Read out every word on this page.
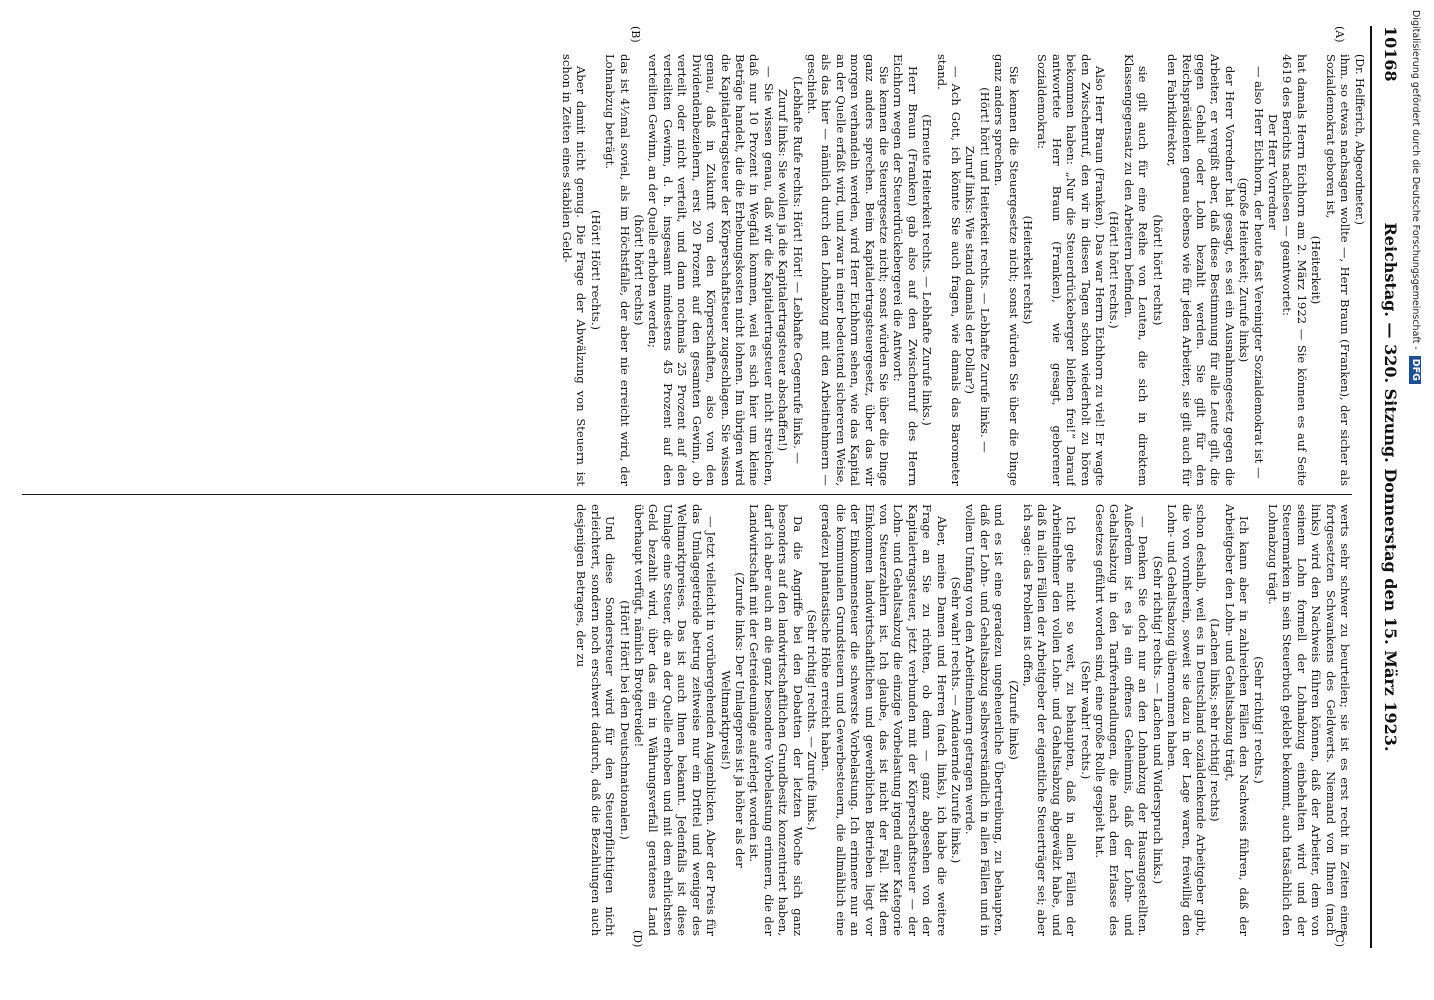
10168
Reichstag. — 320. Sitzung. Donnerstag den 15. März 1923.
(Dr. Helfferich, Abgeordneter.)
(A)
(B)
(C)
(D)

ihm. so etwas nachsagen wollte —, Herr Braun (Franken), der sicher als Sozialdemokrat geboren ist,

(Heiterkeit)

hat damals Herrn Eichhorn am 2. März 1922 — Sie können es auf Seite 4619 des Berichts nachlesen — geantwortet:

Der Herr Vorredner

— also Herr Eichhorn, der heute fast Vereinigter Sozialdemokrat ist —

(große Heiterkeit; Zurufe links)

der Herr Vorredner hat gesagt, es sei ein Ausnahmegesetz gegen die Arbeiter, er vergißt aber, daß diese Bestimmung für alle Leute gilt, die gegen Gehalt oder Lohn bezahlt werden. Sie gilt für den Reichspräsidenten genau ebenso wie für jeden Arbeiter, sie gilt auch für den Fabrikdirektor,

(hört! hört! rechts)

sie gilt auch für eine Reihe von Leuten, die sich in direktem Klassengegensatz zu den Arbeitern befinden.

(Hört! hört! rechts.)

Also Herr Braun (Franken). Das war Herrn Eichhorn zu viel! Er wagte den Zwischenruf, den wir in diesen Tagen schon wiederholt zu hören bekommen haben: „Nur die Steuerdrückeberger bleiben frei!“ Darauf antwortete Herr Braun (Franken), wie gesagt, geborener Sozialdemokrat:

(Heiterkeit rechts)

Sie kennen die Steuergesetze nicht; sonst würden Sie über die Dinge ganz anders sprechen.

(Hört! hört! und Heiterkeit rechts. — Lebhafte Zurufe links. — Zuruf links: Wie stand damals der Dollar?)

— Ach Gott, ich könnte Sie auch fragen, wie damals das Barometer stand.

(Erneute Heiterkeit rechts. — Lebhafte Zurufe links.)

Herr Braun (Franken) gab also auf den Zwischenruf des Herrn Eichhorn wegen der Steuerdrückebergerei die Antwort:

Sie kennen die Steuergesetze nicht; sonst würden Sie über die Dinge ganz anders sprechen. Beim Kapitalertragsteuergesetz, über das wir morgen verhandeln werden, wird Herr Eichhorn sehen, wie das Kapital an der Quelle erfaßt wird, und zwar in einer bedeutend sichereren Weise, als das hier — nämlich durch den Lohnabzug mit den Arbeitnehmern — geschieht.

(Lebhafte Rufe rechts: Hört! Hört! — Lebhafte Gegenrufe links. — Zuruf links: Sie wollen ja die Kapitalertragsteuer abschaffen!)

— Sie wissen genau, daß wir die Kapitalertragsteuer nicht streichen, daß nur 10 Prozent in Wegfall kommen, weil es sich hier um kleine Beträge handelt, die die Erhebungskosten nicht lohnen. Im übrigen wird die Kapitalertragsteuer der Körperschaftsteuer zugeschlagen. Sie wissen genau, daß in Zukunft von den Körperschaften, also von den Dividendenbeziehern, erst 20 Prozent auf den gesamten Gewinn, ob verteilt oder nicht verteilt, und dann nochmals 25 Prozent auf den verteilten Gewinn, d. h. insgesamt mindestens 45 Prozent auf den verteilten Gewinn, an der Quelle erhoben werden;

(hört! hört! rechts)

das ist 4½mal soviel, als im Höchstfalle, der aber nie erreicht wird, der Lohnabzug beträgt.

(Hört! Hört! rechts.)

Aber damit nicht genug. Die Frage der Abwälzung von Steuern ist schon in Zeiten eines stabilen Geld-

werts sehr schwer zu beurteilen; sie ist es erst recht in Zeiten eines fortgesetzten Schwankens des Geldwerts. Niemand von Ihnen (nach links) wird den Nachweis führen können, daß der Arbeiter, dem von seinem Lohn formell der Lohnabzug einbehalten wird und der Steuermarken in sein Steuerbuch geklebt bekommt, auch tatsächlich den Lohnabzug trägt.

(Sehr richtig! rechts.)

Ich kann aber in zahlreichen Fällen den Nachweis führen, daß der Arbeitgeber den Lohn- und Gehaltsabzug trägt,

(Lachen links; sehr richtig! rechts)

schon deshalb, weil es in Deutschland sozialdenkende Arbeitgeber gibt, die von vornherein, soweit sie dazu in der Lage waren, freiwillig den Lohn- und Gehaltsabzug übernommen haben.

(Sehr richtig! rechts. — Lachen und Widerspruch links.)

— Denken Sie doch nur an den Lohnabzug der Hausangestellten. Außerdem ist es ja ein offenes Geheimnis, daß der Lohn- und Gehaltsabzug in den Tarifverhandlungen, die nach dem Erlasse des Gesetzes geführt worden sind, eine große Rolle gespielt hat.

(Sehr wahr! rechts.)

Ich gehe nicht so weit, zu behaupten, daß in allen Fällen der Arbeitnehmer den vollen Lohn- und Gehaltsabzug abgewälzt habe, und daß in allen Fällen der Arbeitgeber der eigentliche Steuerträger sei; aber ich sage: das Problem ist offen,

(Zurufe links)

und es ist eine geradezu ungeheuerliche Übertreibung, zu behaupten, daß der Lohn- und Gehaltsabzug selbstverständlich in allen Fällen und in vollem Umfang von den Arbeitnehmern getragen werde.

(Sehr wahr! rechts. — Andauernde Zurufe links.)

Aber, meine Damen und Herren (nach links), ich habe die weitere Frage an Sie zu richten, ob denn — ganz abgesehen von der Kapitalertragsteuer, jetzt verbunden mit der Körperschaftsteuer — der Lohn- und Gehaltsabzug die einzige Vorbelastung irgend einer Kategorie von Steuerzahlern ist. Ich glaube, das ist nicht der Fall. Mit dem Einkommen landwirtschaftlichen und gewerblichen Betrieben liegt vor der Einkommensteuer die schwerste Vorbelastung. Ich erinnere nur an die kommunalen Grundsteuern und Gewerbesteuern, die allmählich eine geradezu phantastische Höhe erreicht haben.

(Sehr richtig! rechts. — Zurufe links.)

Da die Angriffe bei den Debatten der letzten Woche sich ganz besonders auf den landwirtschaftlichen Grundbesitz konzentriert haben, darf ich aber auch an die ganz besondere Vorbelastung erinnern, die der Landwirtschaft mit der Getreideumlage auferlegt worden ist.

(Zurufe links: Der Umlagepreis ist ja höher als der Weltmarktpreis!)

— Jetzt vielleicht in vorübergehenden Augenblicken. Aber der Preis für das Umlagegetreide betrug zeitweise nur ein Drittel und weniger des Weltmarktpreises. Das ist auch Ihnen bekannt. Jedenfalls ist diese Umlage eine Steuer, die an der Quelle erhoben und mit dem ehrlichsten Geld bezahlt wird, über das ein in Währungsverfall geratenes Land überhaupt verfügt, nämlich Brotgetreide!

(Hört! Hört! bei den Deutschnationalen.)

Und diese Sondersteuer wird für den Steuerpflichtigen nicht erleichtert, sondern noch erschwert dadurch, daß die Bezahlungen auch desjenigen Betrages, der zu

Digitalisierung gefördert durch die Deutsche Forschungsgemeinschaft -DFG
